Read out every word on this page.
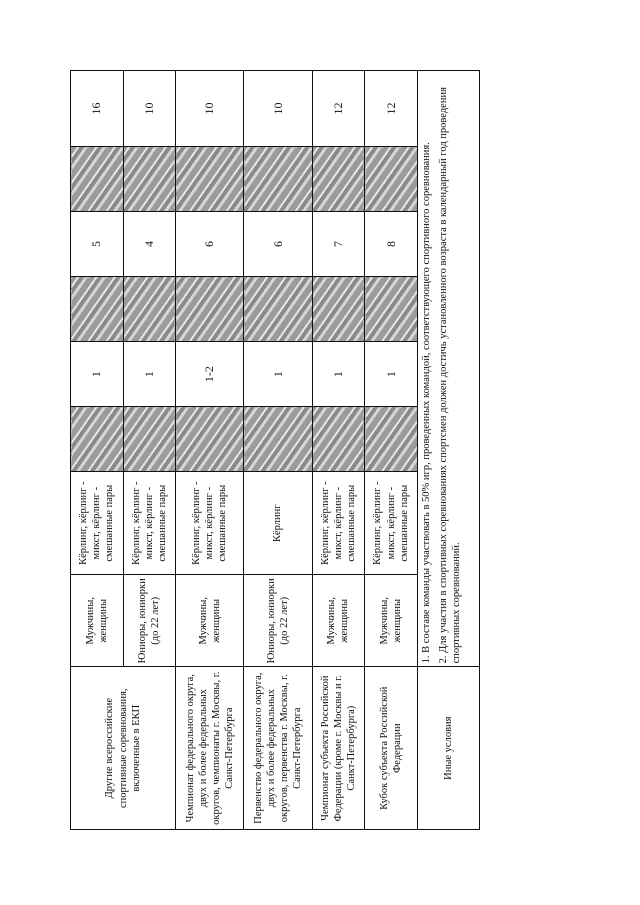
Другие всероссийские спортивные соревнования, включенные в ЕКП	Мужчины, женщины	Кёрлинг, кёрлинг - микст, кёрлинг - смешанные пары		1		5		16
	Юниоры, юниорки (до 22 лет)	Кёрлинг, кёрлинг - микст, кёрлинг - смешанные пары		1		4		10
Чемпионат федерального округа, двух и более федеральных округов, чемпионаты г. Москвы, г. Санкт-Петербурга	Мужчины, женщины	Кёрлинг, кёрлинг - микст, кёрлинг - смешанные пары		1-2		6		10
Первенство федерального округа, двух и более федеральных округов, первенства г. Москвы, г. Санкт-Петербурга	Юниоры, юниорки (до 22 лет)	Кёрлинг		1		6		10
Чемпионат субъекта Российской Федерации (кроме г. Москвы и г. Санкт-Петербурга)	Мужчины, женщины	Кёрлинг, кёрлинг - микст, кёрлинг - смешанные пары		1		7		12
Кубок субъекта Российской Федерации	Мужчины, женщины	Кёрлинг, кёрлинг - микст, кёрлинг - смешанные пары		1		8		12
Иные условия	1. В составе команды участвовать в 50% игр, проведенных командой, соответствующего спортивного соревнования. 2. Для участия в спортивных соревнованиях спортсмен должен достичь установленного возраста в календарный год проведения спортивных соревнований.							
